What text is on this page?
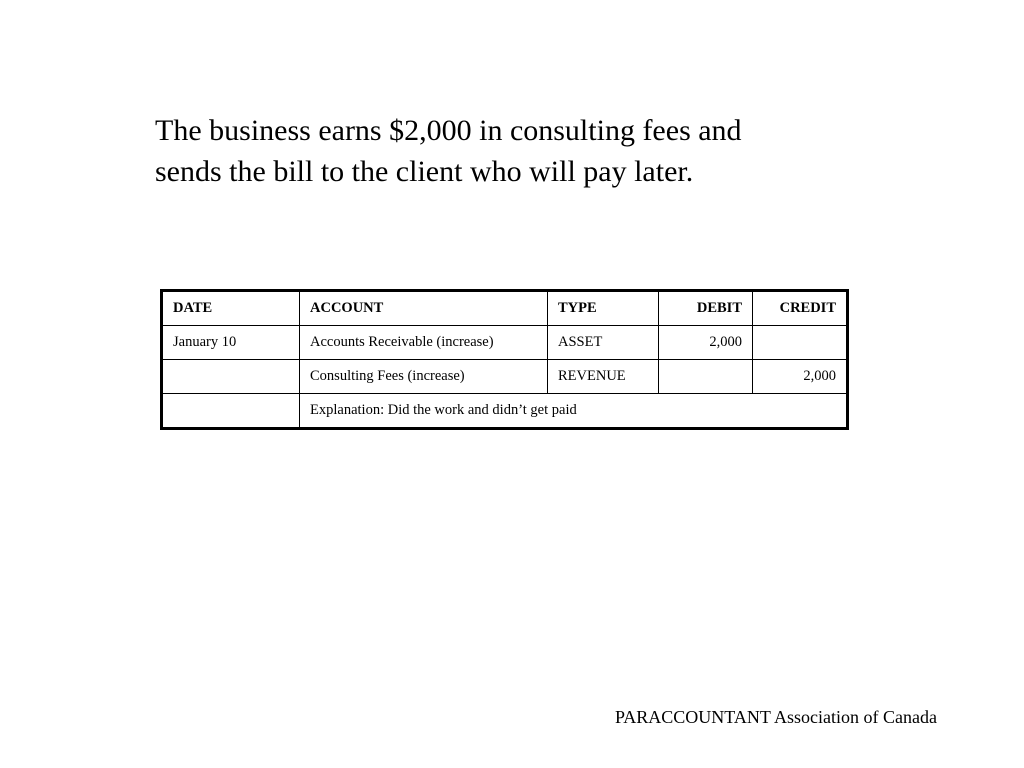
The business earns $2,000 in consulting fees and
sends the bill to the client who will pay later.
DATE	ACCOUNT	TYPE	DEBIT	CREDIT
January 10	Accounts Receivable (increase)	ASSET	2,000	
	Consulting Fees (increase)	REVENUE		2,000
	Explanation: Did the work and didn’t get paid			
PARACCOUNTANT Association of Canada
